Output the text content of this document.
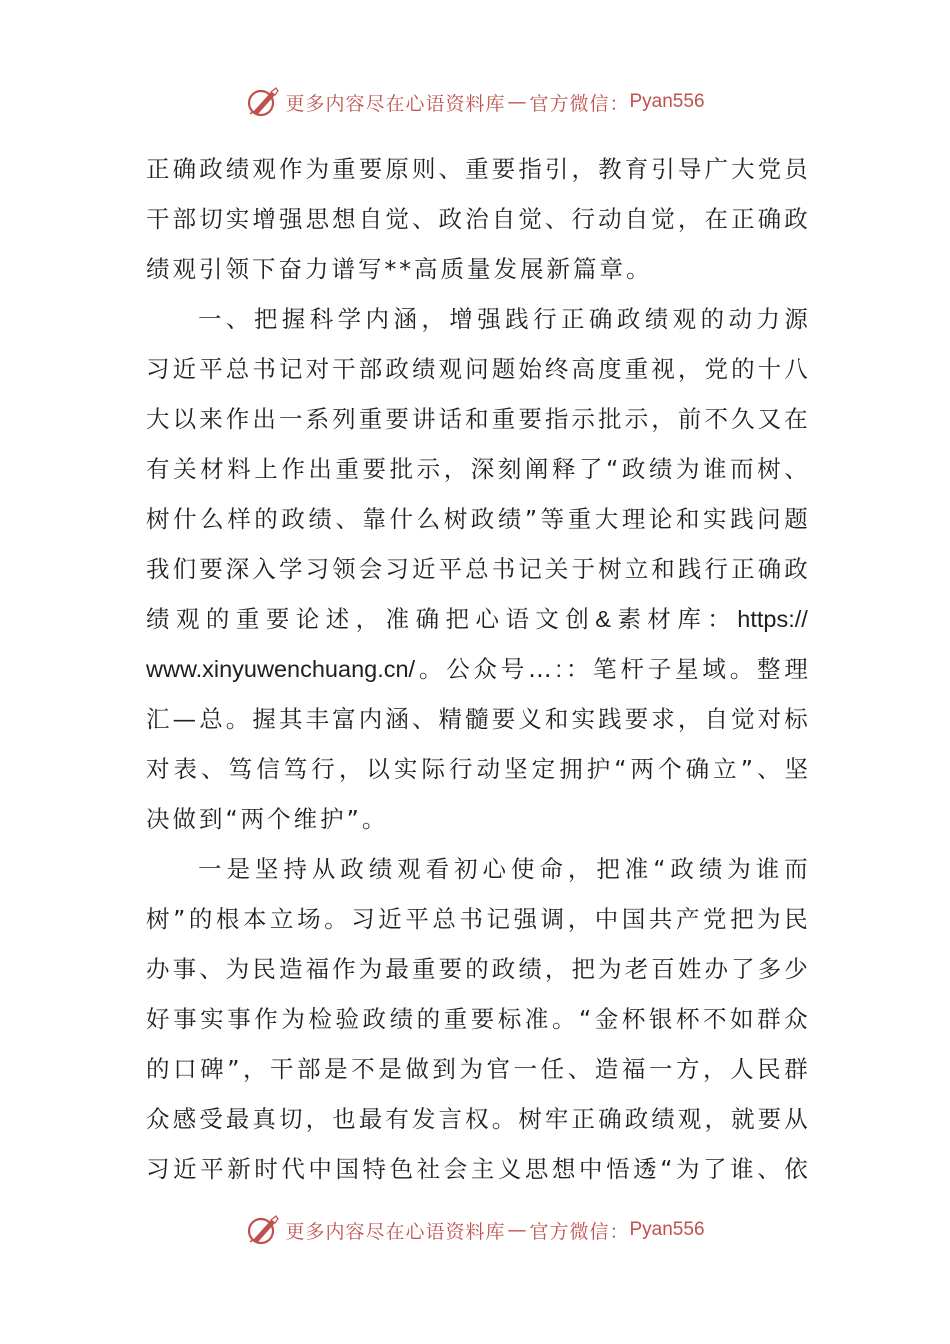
更多内容尽在心语资料库 — 官方微信： Pyan556
正 确 政 绩 观 作 为 重 要 原 则 、 重 要 指 引 ， 教 育 引 导 广 大 党 员
干 部 切 实 增 强 思 想 自 觉 、 政 治 自 觉 、 行 动 自 觉 ， 在 正 确 政
绩观引领下奋力谱写**高质量发展新篇章。
一 、 把 握 科 学 内 涵 ， 增 强 践 行 正 确 政 绩 观 的 动 力 源
习 近 平 总 书 记 对 干 部 政 绩 观 问 题 始 终 高 度 重 视 ， 党 的 十 八
大 以 来 作 出 一 系 列 重 要 讲 话 和 重 要 指 示 批 示 ， 前 不 久 又 在
有 关 材 料 上 作 出 重 要 批 示 ， 深 刻 阐 释 了 “ 政 绩 为 谁 而 树 、
树 什 么 样 的 政 绩 、 靠 什 么 树 政 绩 ” 等 重 大 理 论 和 实 践 问 题
我 们 要 深 入 学 习 领 会 习 近 平 总 书 记 关 于 树 立 和 践 行 正 确 政
绩 观 的 重 要 论 述 ， 准 确 把 心 语 文 创 & 素 材 库 ： https://
www.xinyuwenchuang.cn/ 。 公 众 号 … : ： 笔 杆 子 星 域 。 整 理
汇 — 总 。 握 其 丰 富 内 涵 、 精 髓 要 义 和 实 践 要 求 ， 自 觉 对 标
对 表 、 笃 信 笃 行 ， 以 实 际 行 动 坚 定 拥 护 “ 两 个 确 立 ” 、 坚
决做到“两个维护”。
一 是 坚 持 从 政 绩 观 看 初 心 使 命 ， 把 准 “ 政 绩 为 谁 而
树 ” 的 根 本 立 场 。 习 近 平 总 书 记 强 调 ， 中 国 共 产 党 把 为 民
办 事 、 为 民 造 福 作 为 最 重 要 的 政 绩 ， 把 为 老 百 姓 办 了 多 少
好 事 实 事 作 为 检 验 政 绩 的 重 要 标 准 。 “ 金 杯 银 杯 不 如 群 众
的 口 碑 ” ， 干 部 是 不 是 做 到 为 官 一 任 、 造 福 一 方 ， 人 民 群
众 感 受 最 真 切 ， 也 最 有 发 言 权 。 树 牢 正 确 政 绩 观 ， 就 要 从
习 近 平 新 时 代 中 国 特 色 社 会 主 义 思 想 中 悟 透 “ 为 了 谁 、 依
更多内容尽在心语资料库 — 官方微信： Pyan556
